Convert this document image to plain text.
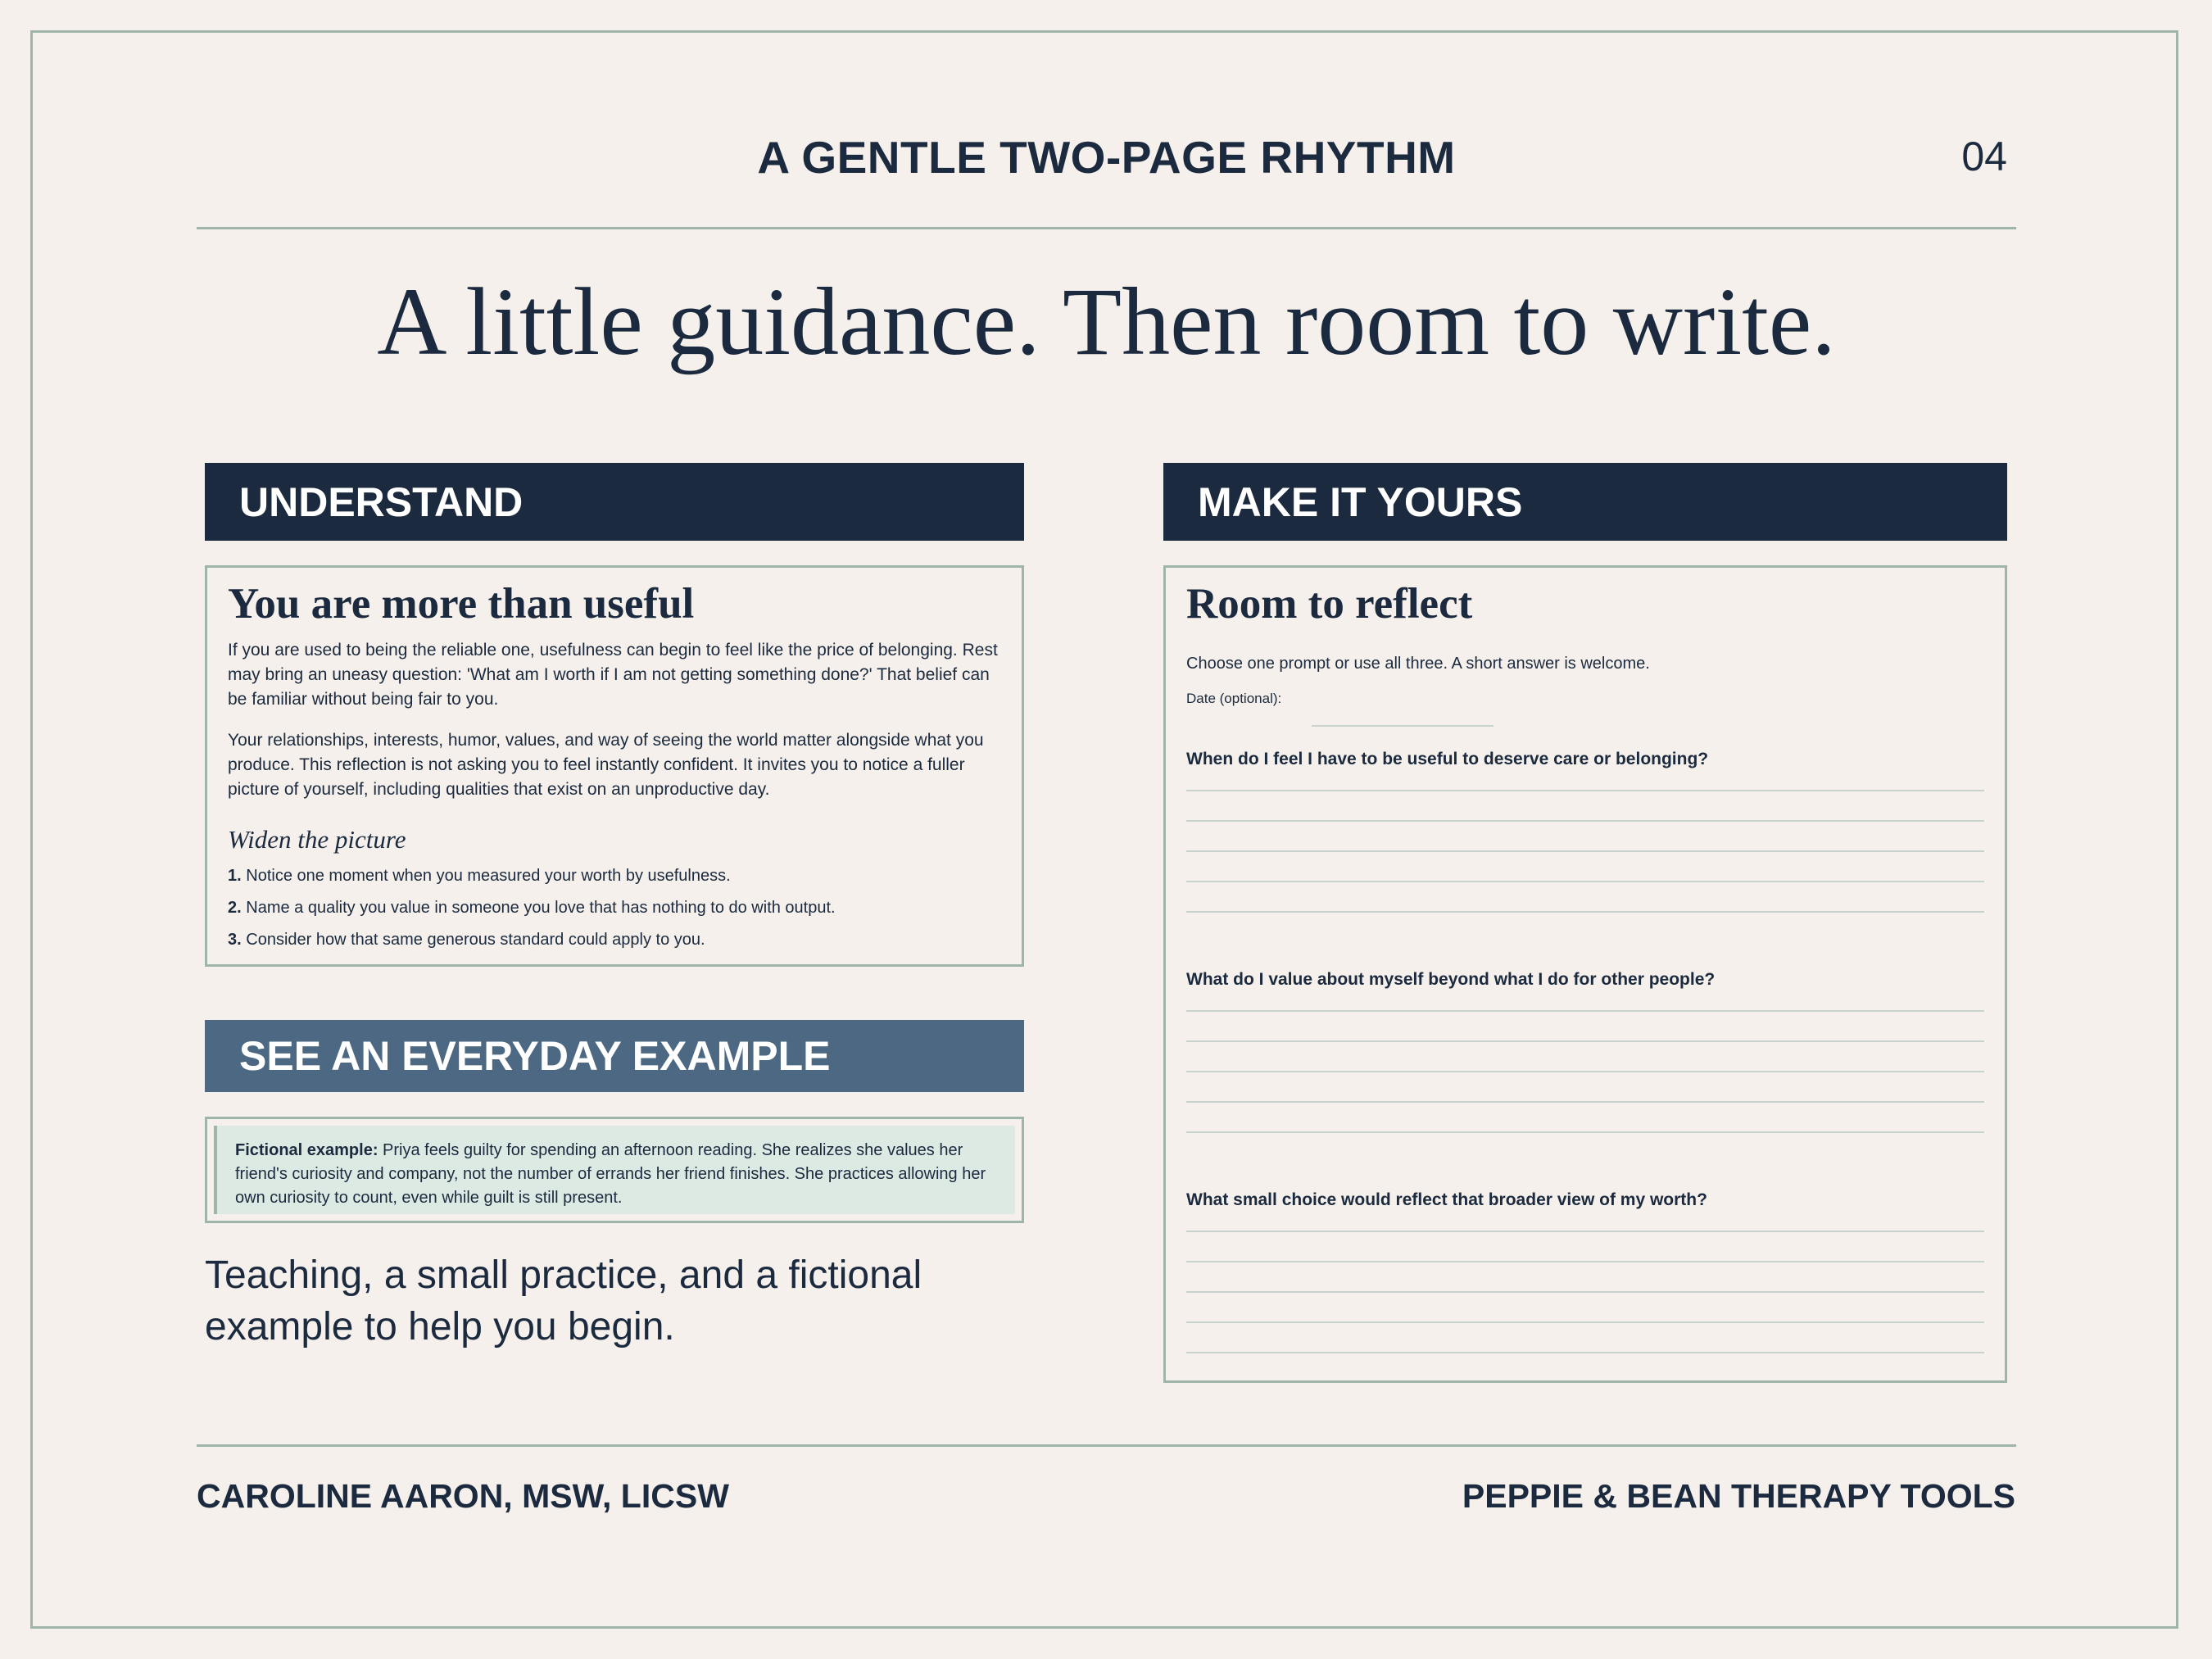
A GENTLE TWO-PAGE RHYTHM	04
A little guidance. Then room to write.
UNDERSTAND
You are more than useful

If you are used to being the reliable one, usefulness can begin to feel like the price of belonging. Rest may bring an uneasy question: 'What am I worth if I am not getting something done?' That belief can be familiar without being fair to you.

Your relationships, interests, humor, values, and way of seeing the world matter alongside what you produce. This reflection is not asking you to feel instantly confident. It invites you to notice a fuller picture of yourself, including qualities that exist on an unproductive day.

Widen the picture
1. Notice one moment when you measured your worth by usefulness.
2. Name a quality you value in someone you love that has nothing to do with output.
3. Consider how that same generous standard could apply to you.
SEE AN EVERYDAY EXAMPLE
Fictional example: Priya feels guilty for spending an afternoon reading. She realizes she values her friend's curiosity and company, not the number of errands her friend finishes. She practices allowing her own curiosity to count, even while guilt is still present.
Teaching, a small practice, and a fictional example to help you begin.
MAKE IT YOURS
Room to reflect
Choose one prompt or use all three. A short answer is welcome.
Date (optional):
When do I feel I have to be useful to deserve care or belonging?
What do I value about myself beyond what I do for other people?
What small choice would reflect that broader view of my worth?
CAROLINE AARON, MSW, LICSW	PEPPIE & BEAN THERAPY TOOLS
